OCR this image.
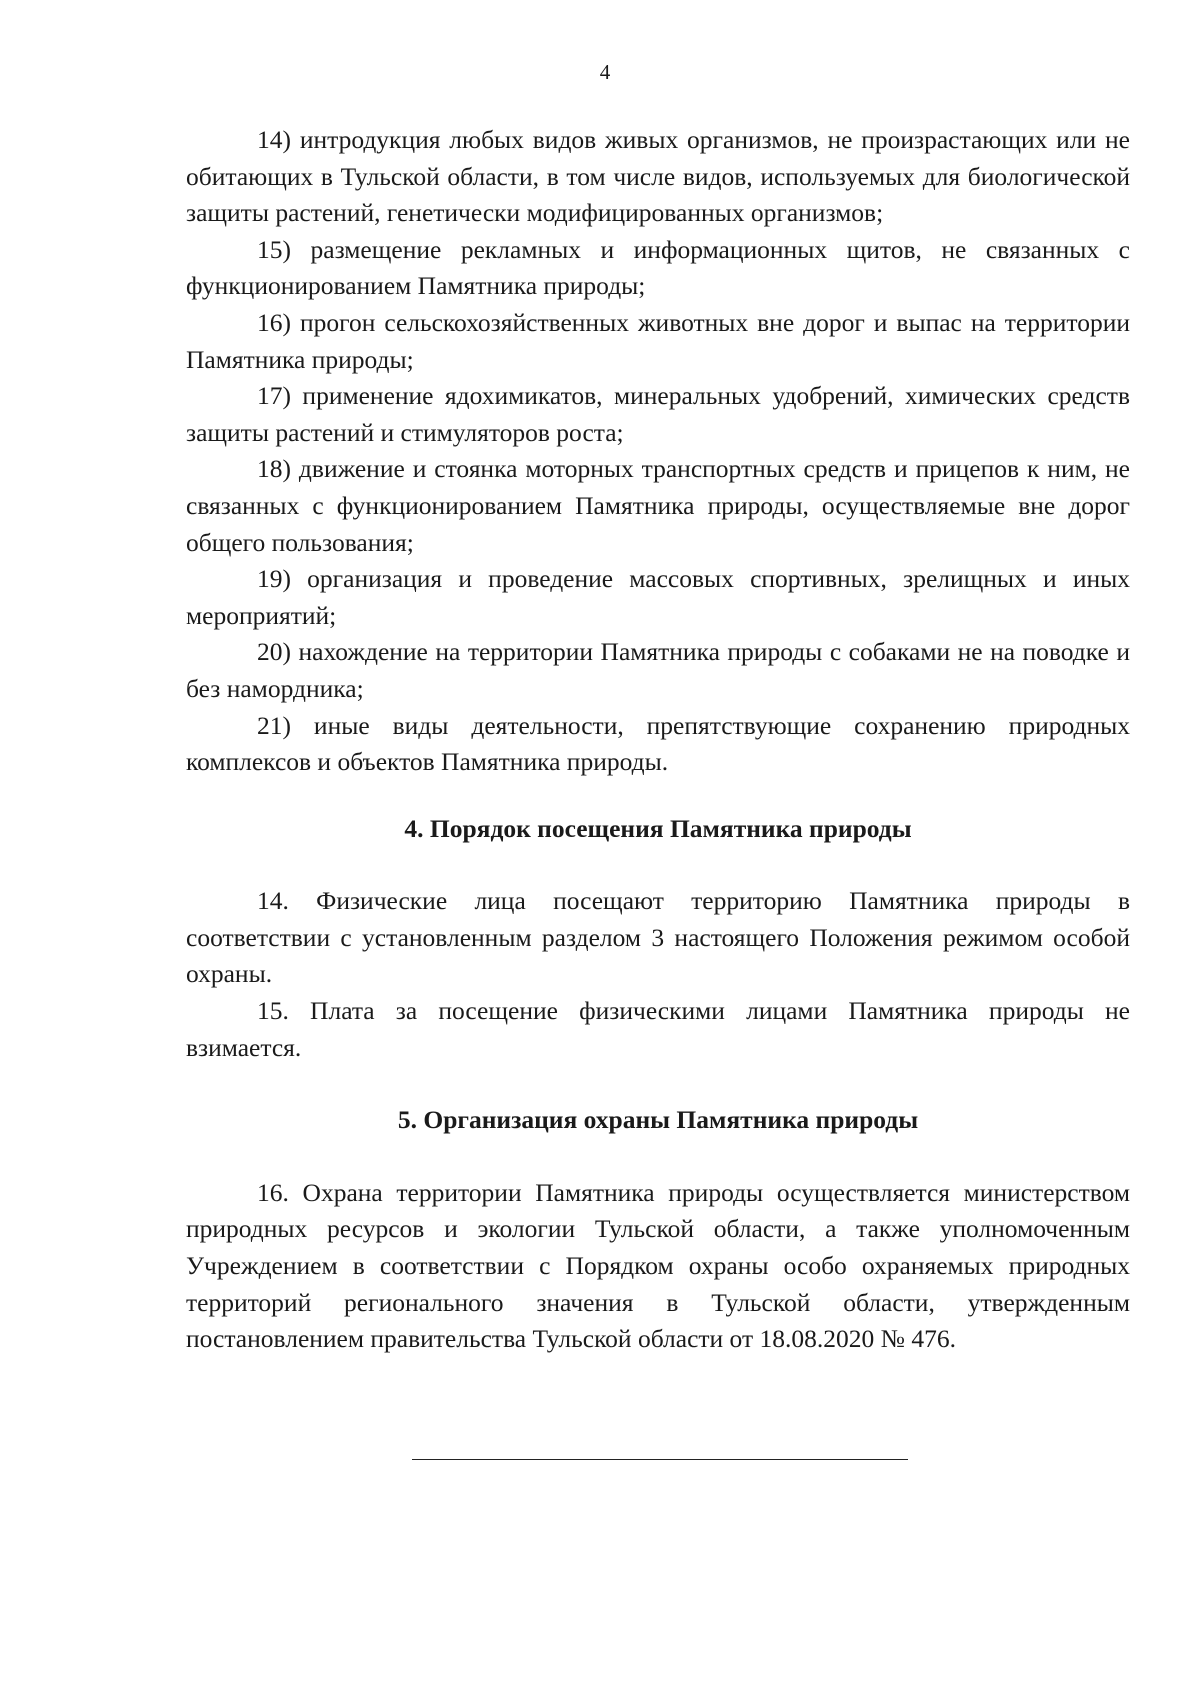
4

14) интродукция любых видов живых организмов, не произрастающих или не обитающих в Тульской области, в том числе видов, используемых для биологической защиты растений, генетически модифицированных организмов;

15) размещение рекламных и информационных щитов, не связанных с функционированием Памятника природы;

16) прогон сельскохозяйственных животных вне дорог и выпас на территории Памятника природы;

17) применение ядохимикатов, минеральных удобрений, химических средств защиты растений и стимуляторов роста;

18) движение и стоянка моторных транспортных средств и прицепов к ним, не связанных с функционированием Памятника природы, осуществляемые вне дорог общего пользования;

19) организация и проведение массовых спортивных, зрелищных и иных мероприятий;

20) нахождение на территории Памятника природы с собаками не на поводке и без намордника;

21) иные виды деятельности, препятствующие сохранению природных комплексов и объектов Памятника природы.

4. Порядок посещения Памятника природы

14. Физические лица посещают территорию Памятника природы в соответствии с установленным разделом 3 настоящего Положения режимом особой охраны.

15. Плата за посещение физическими лицами Памятника природы не взимается.

5. Организация охраны Памятника природы

16. Охрана территории Памятника природы осуществляется министерством природных ресурсов и экологии Тульской области, а также уполномоченным Учреждением в соответствии с Порядком охраны особо охраняемых природных территорий регионального значения в Тульской области, утвержденным постановлением правительства Тульской области от 18.08.2020 № 476.
